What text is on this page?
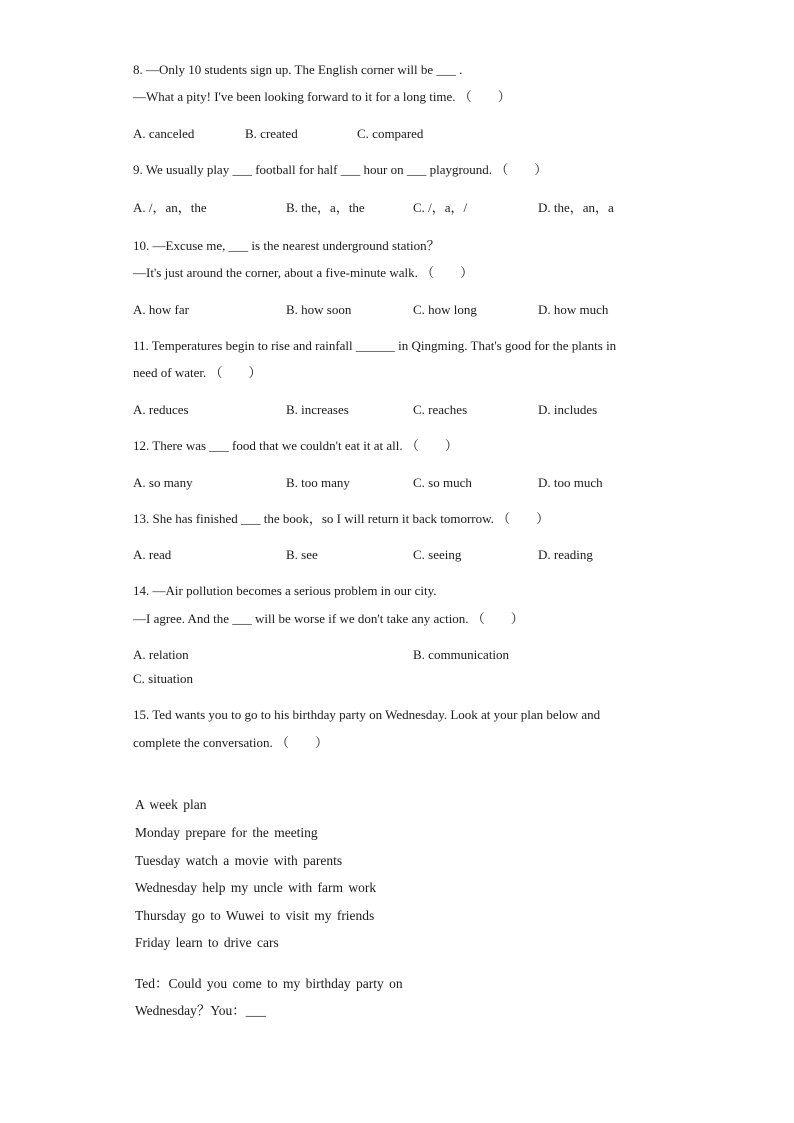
8. —Only 10 students sign up. The English corner will be ___ .
—What a pity! I've been looking forward to it for a long time. （　　）
A. canceled	B. created	C. compared
9. We usually play ___ football for half ___ hour on ___ playground. （　　）
A. /，an，the	B. the，a，the	C. /，a，/	D. the，an，a
10. —Excuse me, ___ is the nearest underground station？
—It's just around the corner, about a five-minute walk. （　　）
A. how far	B. how soon	C. how long	D. how much
11. Temperatures begin to rise and rainfall ______ in Qingming. That's good for the plants in
need of water. （　　）
A. reduces	B. increases	C. reaches	D. includes
12. There was ___ food that we couldn't eat it at all. （　　）
A. so many	B. too many	C. so much	D. too much
13. She has finished ___ the book，so I will return it back tomorrow. （　　）
A. read	B. see	C. seeing	D. reading
14. —Air pollution becomes a serious problem in our city.
—I agree. And the ___ will be worse if we don't take any action. （　　）
A. relation	B. communication
C. situation
15. Ted wants you to go to his birthday party on Wednesday. Look at your plan below and
complete the conversation. （　　）
A week plan
Monday prepare for the meeting
Tuesday watch a movie with parents
Wednesday help my uncle with farm work
Thursday go to Wuwei to visit my friends
Friday learn to drive cars
Ted：Could you come to my birthday party on
Wednesday？You：___
